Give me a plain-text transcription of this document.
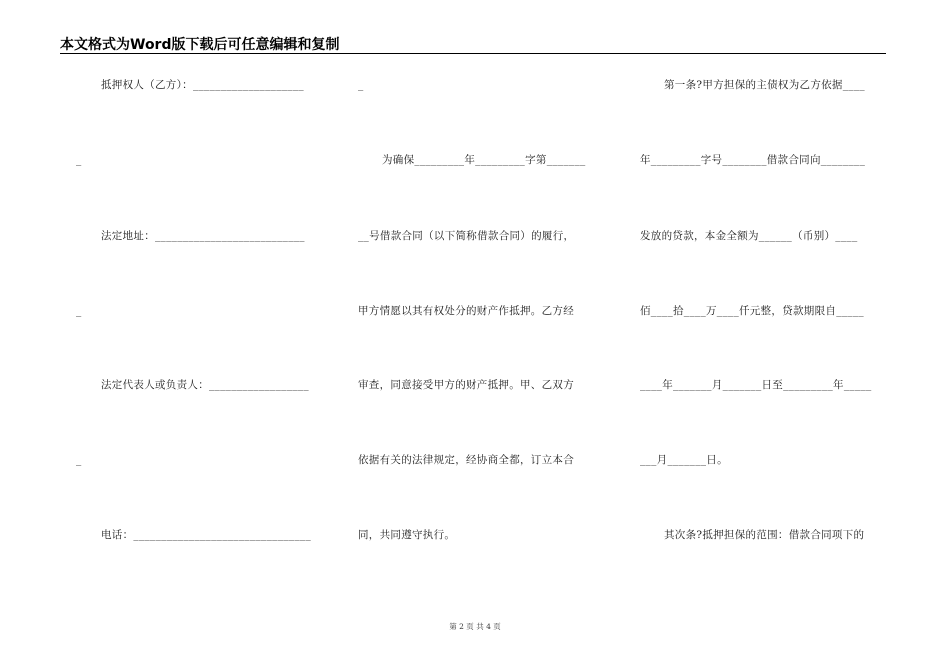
本文格式为Word版下载后可任意编辑和复制
抵押权人（乙方）：____________________
_
法定地址：___________________________
_
法定代表人或负责人：__________________
_
电话：________________________________
_
为确保_________年_________字第_______
__号借款合同（以下简称借款合同）的履行，
甲方情愿以其有权处分的财产作抵押。乙方经
审查，同意接受甲方的财产抵押。甲、乙双方
依据有关的法律规定，经协商全都，订立本合
同，共同遵守执行。
第一条?甲方担保的主债权为乙方依据____
年_________字号________借款合同向________
发放的贷款，本金全额为______（币别）____
佰____拾____万____仟元整，贷款期限自_____
____年_______月_______日至_________年_____
___月_______日。
其次条?抵押担保的范围：借款合同项下的
第 2 页 共 4 页
